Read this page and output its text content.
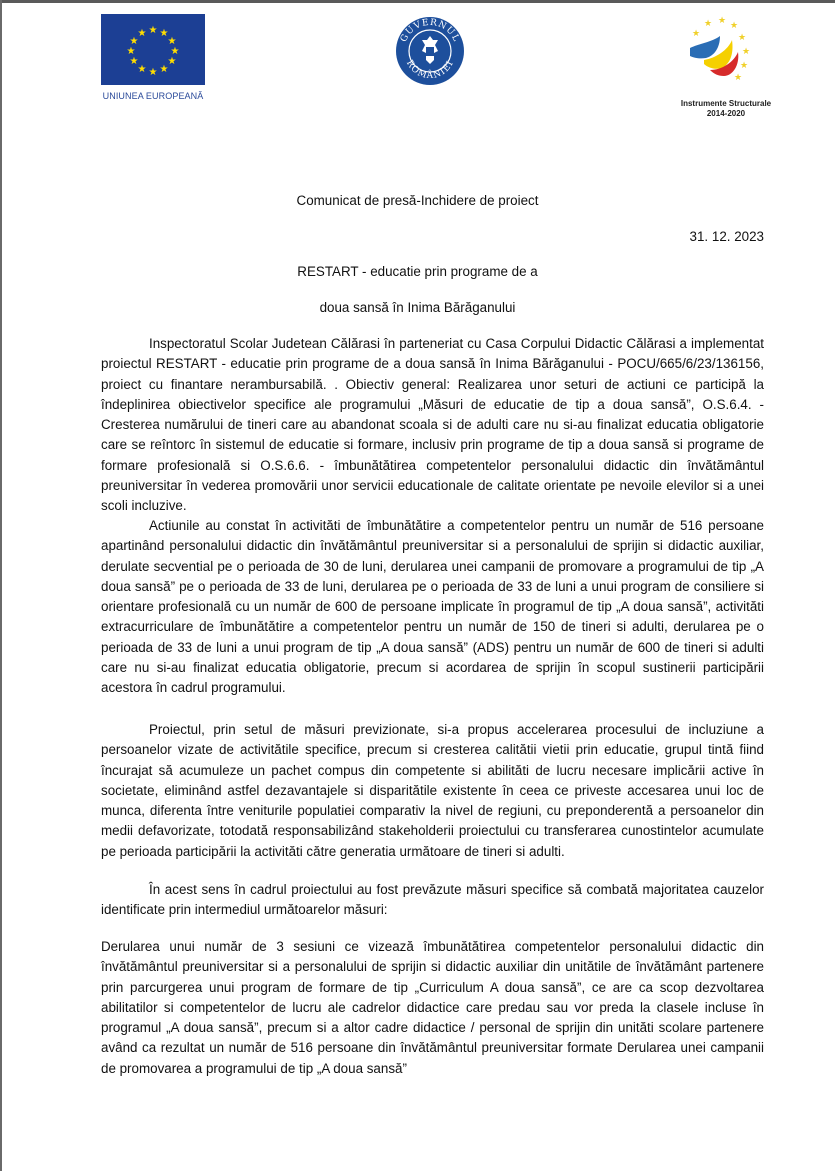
★ ★
★
★
★
★
★
★
★
★
★
★
UNIUNEA EUROPEANĂ
GUVERNUL
ROMÂNIEI
★
★ ★ ★
★
★
★
★
Instrumente Structurale
2014-2020
Comunicat de presă-Inchidere de proiect
31. 12. 2023
RESTART - educatie prin programe de a
doua sansă în Inima Bărăganului

Inspectoratul Scolar Judetean Călărasi în parteneriat cu Casa Corpului Didactic Călărasi a implementat proiectul RESTART - educatie prin programe de a doua sansă în Inima Bărăganului - POCU/665/6/23/136156, proiect cu finantare nerambursabilă. . Obiectiv general: Realizarea unor seturi de actiuni ce participă la îndeplinirea obiectivelor specifice ale programului „Măsuri de educatie de tip a doua sansă”, O.S.6.4. - Cresterea numărului de tineri care au abandonat scoala si de adulti care nu si-au finalizat educatia obligatorie care se reîntorc în sistemul de educatie si formare, inclusiv prin programe de tip a doua sansă si programe de formare profesională si O.S.6.6. - îmbunătătirea competentelor personalului didactic din învătământul preuniversitar în vederea promovării unor servicii educationale de calitate orientate pe nevoile elevilor si a unei scoli incluzive.

Actiunile au constat în activităti de îmbunătătire a competentelor pentru un număr de 516 persoane apartinând personalului didactic din învătământul preuniversitar si a personalului de sprijin si didactic auxiliar, derulate secvential pe o perioada de 30 de luni, derularea unei campanii de promovare a programului de tip „A doua sansă” pe o perioada de 33 de luni, derularea pe o perioada de 33 de luni a unui program de consiliere si orientare profesională cu un număr de 600 de persoane implicate în programul de tip „A doua sansă”, activităti extracurriculare de îmbunătătire a competentelor pentru un număr de 150 de tineri si adulti, derularea pe o perioada de 33 de luni a unui program de tip „A doua sansă” (ADS) pentru un număr de 600 de tineri si adulti care nu si-au finalizat educatia obligatorie, precum si acordarea de sprijin în scopul sustinerii participării acestora în cadrul programului.

Proiectul, prin setul de măsuri previzionate, si-a propus accelerarea procesului de incluziune a persoanelor vizate de activitătile specifice, precum si cresterea calitătii vietii prin educatie, grupul tintă fiind încurajat să acumuleze un pachet compus din competente si abilităti de lucru necesare implicării active în societate, eliminând astfel dezavantajele si disparitătile existente în ceea ce priveste accesarea unui loc de munca, diferenta între veniturile populatiei comparativ la nivel de regiuni, cu preponderentă a persoanelor din medii defavorizate, totodată responsabilizând stakeholderii proiectului cu transferarea cunostintelor acumulate pe perioada participării la activităti către generatia următoare de tineri si adulti.

În acest sens în cadrul proiectului au fost prevăzute măsuri specifice să combată majoritatea cauzelor identificate prin intermediul următoarelor măsuri:

Derularea unui număr de 3 sesiuni ce vizează îmbunătătirea competentelor personalului didactic din învătământul preuniversitar si a personalului de sprijin si didactic auxiliar din unitătile de învătământ partenere prin parcurgerea unui program de formare de tip „Curriculum A doua sansă”, ce are ca scop dezvoltarea abilitatilor si competentelor de lucru ale cadrelor didactice care predau sau vor preda la clasele incluse în programul „A doua sansă”, precum si a altor cadre didactice / personal de sprijin din unităti scolare partenere având ca rezultat un număr de 516 persoane din învătământul preuniversitar formate Derularea unei campanii de promovarea a programului de tip „A doua sansă”
